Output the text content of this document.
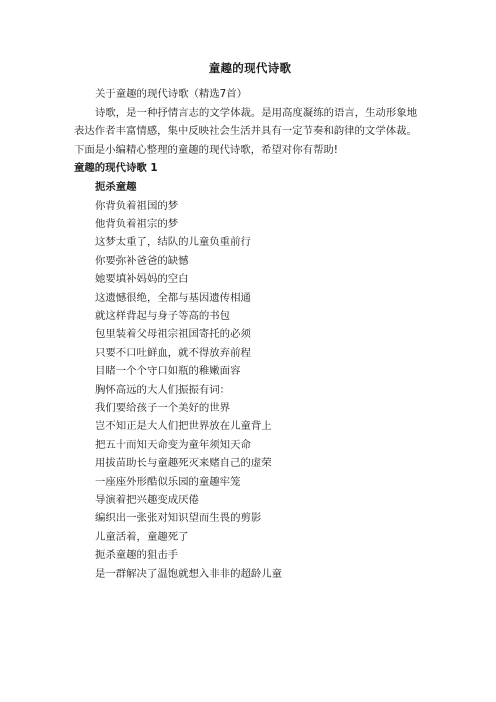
童趣的现代诗歌

关于童趣的现代诗歌（精选7首）

诗歌，是一种抒情言志的文学体裁。是用高度凝练的语言，生动形象地表达作者丰富情感，集中反映社会生活并具有一定节奏和韵律的文学体裁。下面是小编精心整理的童趣的现代诗歌，希望对你有帮助!

童趣的现代诗歌 1

扼杀童趣

你背负着祖国的梦
他背负着祖宗的梦
这梦太重了，结队的儿童负重前行
你要弥补爸爸的缺憾
她要填补妈妈的空白
这遗憾很绝，全都与基因遗传相通
就这样背起与身子等高的书包
包里装着父母祖宗祖国寄托的必须
只要不口吐鲜血，就不得放弃前程
目睹一个个守口如瓶的稚嫩面容
胸怀高远的大人们振振有词：
我们要给孩子一个美好的世界
岂不知正是大人们把世界放在儿童背上
把五十而知天命变为童年须知天命
用拔苗助长与童趣死灭来赌自己的虚荣
一座座外形酷似乐园的童趣牢笼
导演着把兴趣变成厌倦
编织出一张张对知识望而生畏的剪影
儿童活着，童趣死了
扼杀童趣的狙击手
是一群解决了温饱就想入非非的超龄儿童
